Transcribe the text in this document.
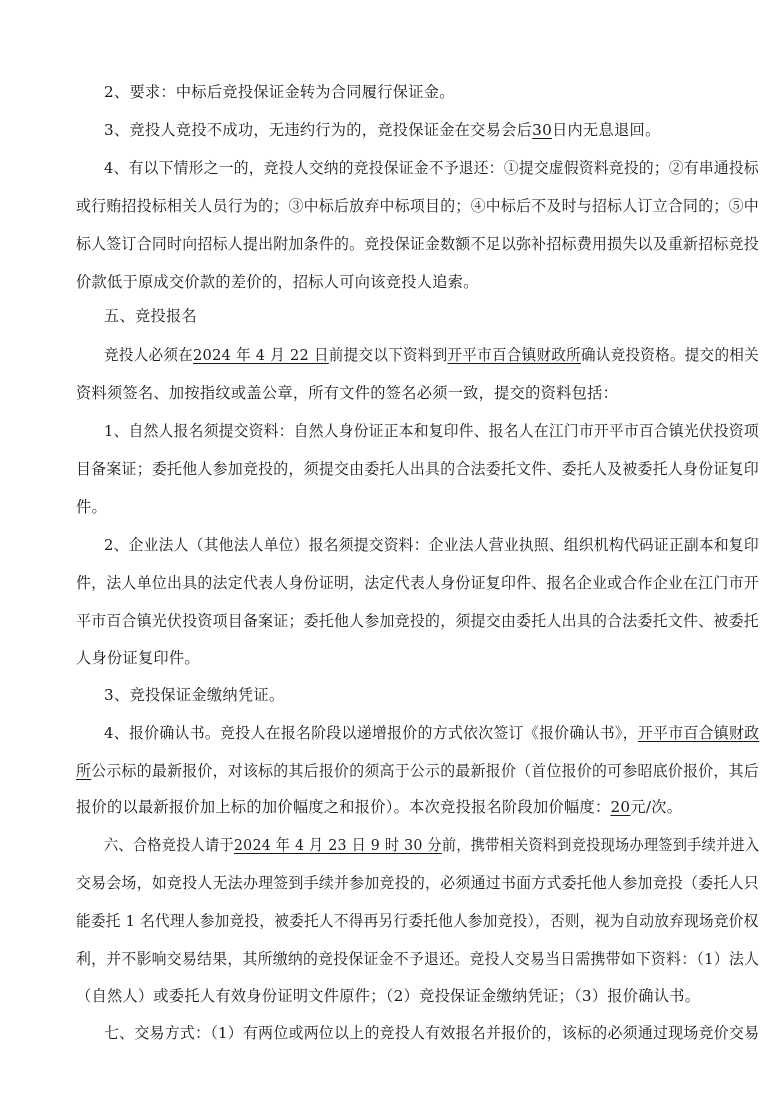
2、要求：中标后竞投保证金转为合同履行保证金。
3、竞投人竞投不成功，无违约行为的，竞投保证金在交易会后30日内无息退回。
4、有以下情形之一的，竞投人交纳的竞投保证金不予退还：①提交虚假资料竞投的；②有串通投标
或行贿招投标相关人员行为的；③中标后放弃中标项目的；④中标后不及时与招标人订立合同的；⑤中
标人签订合同时向招标人提出附加条件的。竞投保证金数额不足以弥补招标费用损失以及重新招标竞投
价款低于原成交价款的差价的，招标人可向该竞投人追索。
五、竞投报名
竞投人必须在2024 年 4 月 22 日前提交以下资料到开平市百合镇财政所确认竞投资格。提交的相关
资料须签名、加按指纹或盖公章，所有文件的签名必须一致，提交的资料包括：
1、自然人报名须提交资料：自然人身份证正本和复印件、报名人在江门市开平市百合镇光伏投资项
目备案证；委托他人参加竞投的，须提交由委托人出具的合法委托文件、委托人及被委托人身份证复印
件。
2、企业法人（其他法人单位）报名须提交资料：企业法人营业执照、组织机构代码证正副本和复印
件，法人单位出具的法定代表人身份证明，法定代表人身份证复印件、报名企业或合作企业在江门市开
平市百合镇光伏投资项目备案证；委托他人参加竞投的，须提交由委托人出具的合法委托文件、被委托
人身份证复印件。
3、竞投保证金缴纳凭证。
4、报价确认书。竞投人在报名阶段以递增报价的方式依次签订《报价确认书》，开平市百合镇财政
所公示标的最新报价，对该标的其后报价的须高于公示的最新报价（首位报价的可参昭底价报价，其后
报价的以最新报价加上标的加价幅度之和报价）。本次竞投报名阶段加价幅度：20元/次。
六、合格竞投人请于2024 年 4 月 23 日 9 时 30 分前，携带相关资料到竞投现场办理签到手续并进入
交易会场，如竞投人无法办理签到手续并参加竞投的，必须通过书面方式委托他人参加竞投（委托人只
能委托 1 名代理人参加竞投，被委托人不得再另行委托他人参加竞投），否则，视为自动放弃现场竞价权
利，并不影响交易结果，其所缴纳的竞投保证金不予退还。竞投人交易当日需携带如下资料：（1）法人
（自然人）或委托人有效身份证明文件原件；（2）竞投保证金缴纳凭证；（3）报价确认书。
七、交易方式：（1）有两位或两位以上的竞投人有效报名并报价的，该标的必须通过现场竞价交易
